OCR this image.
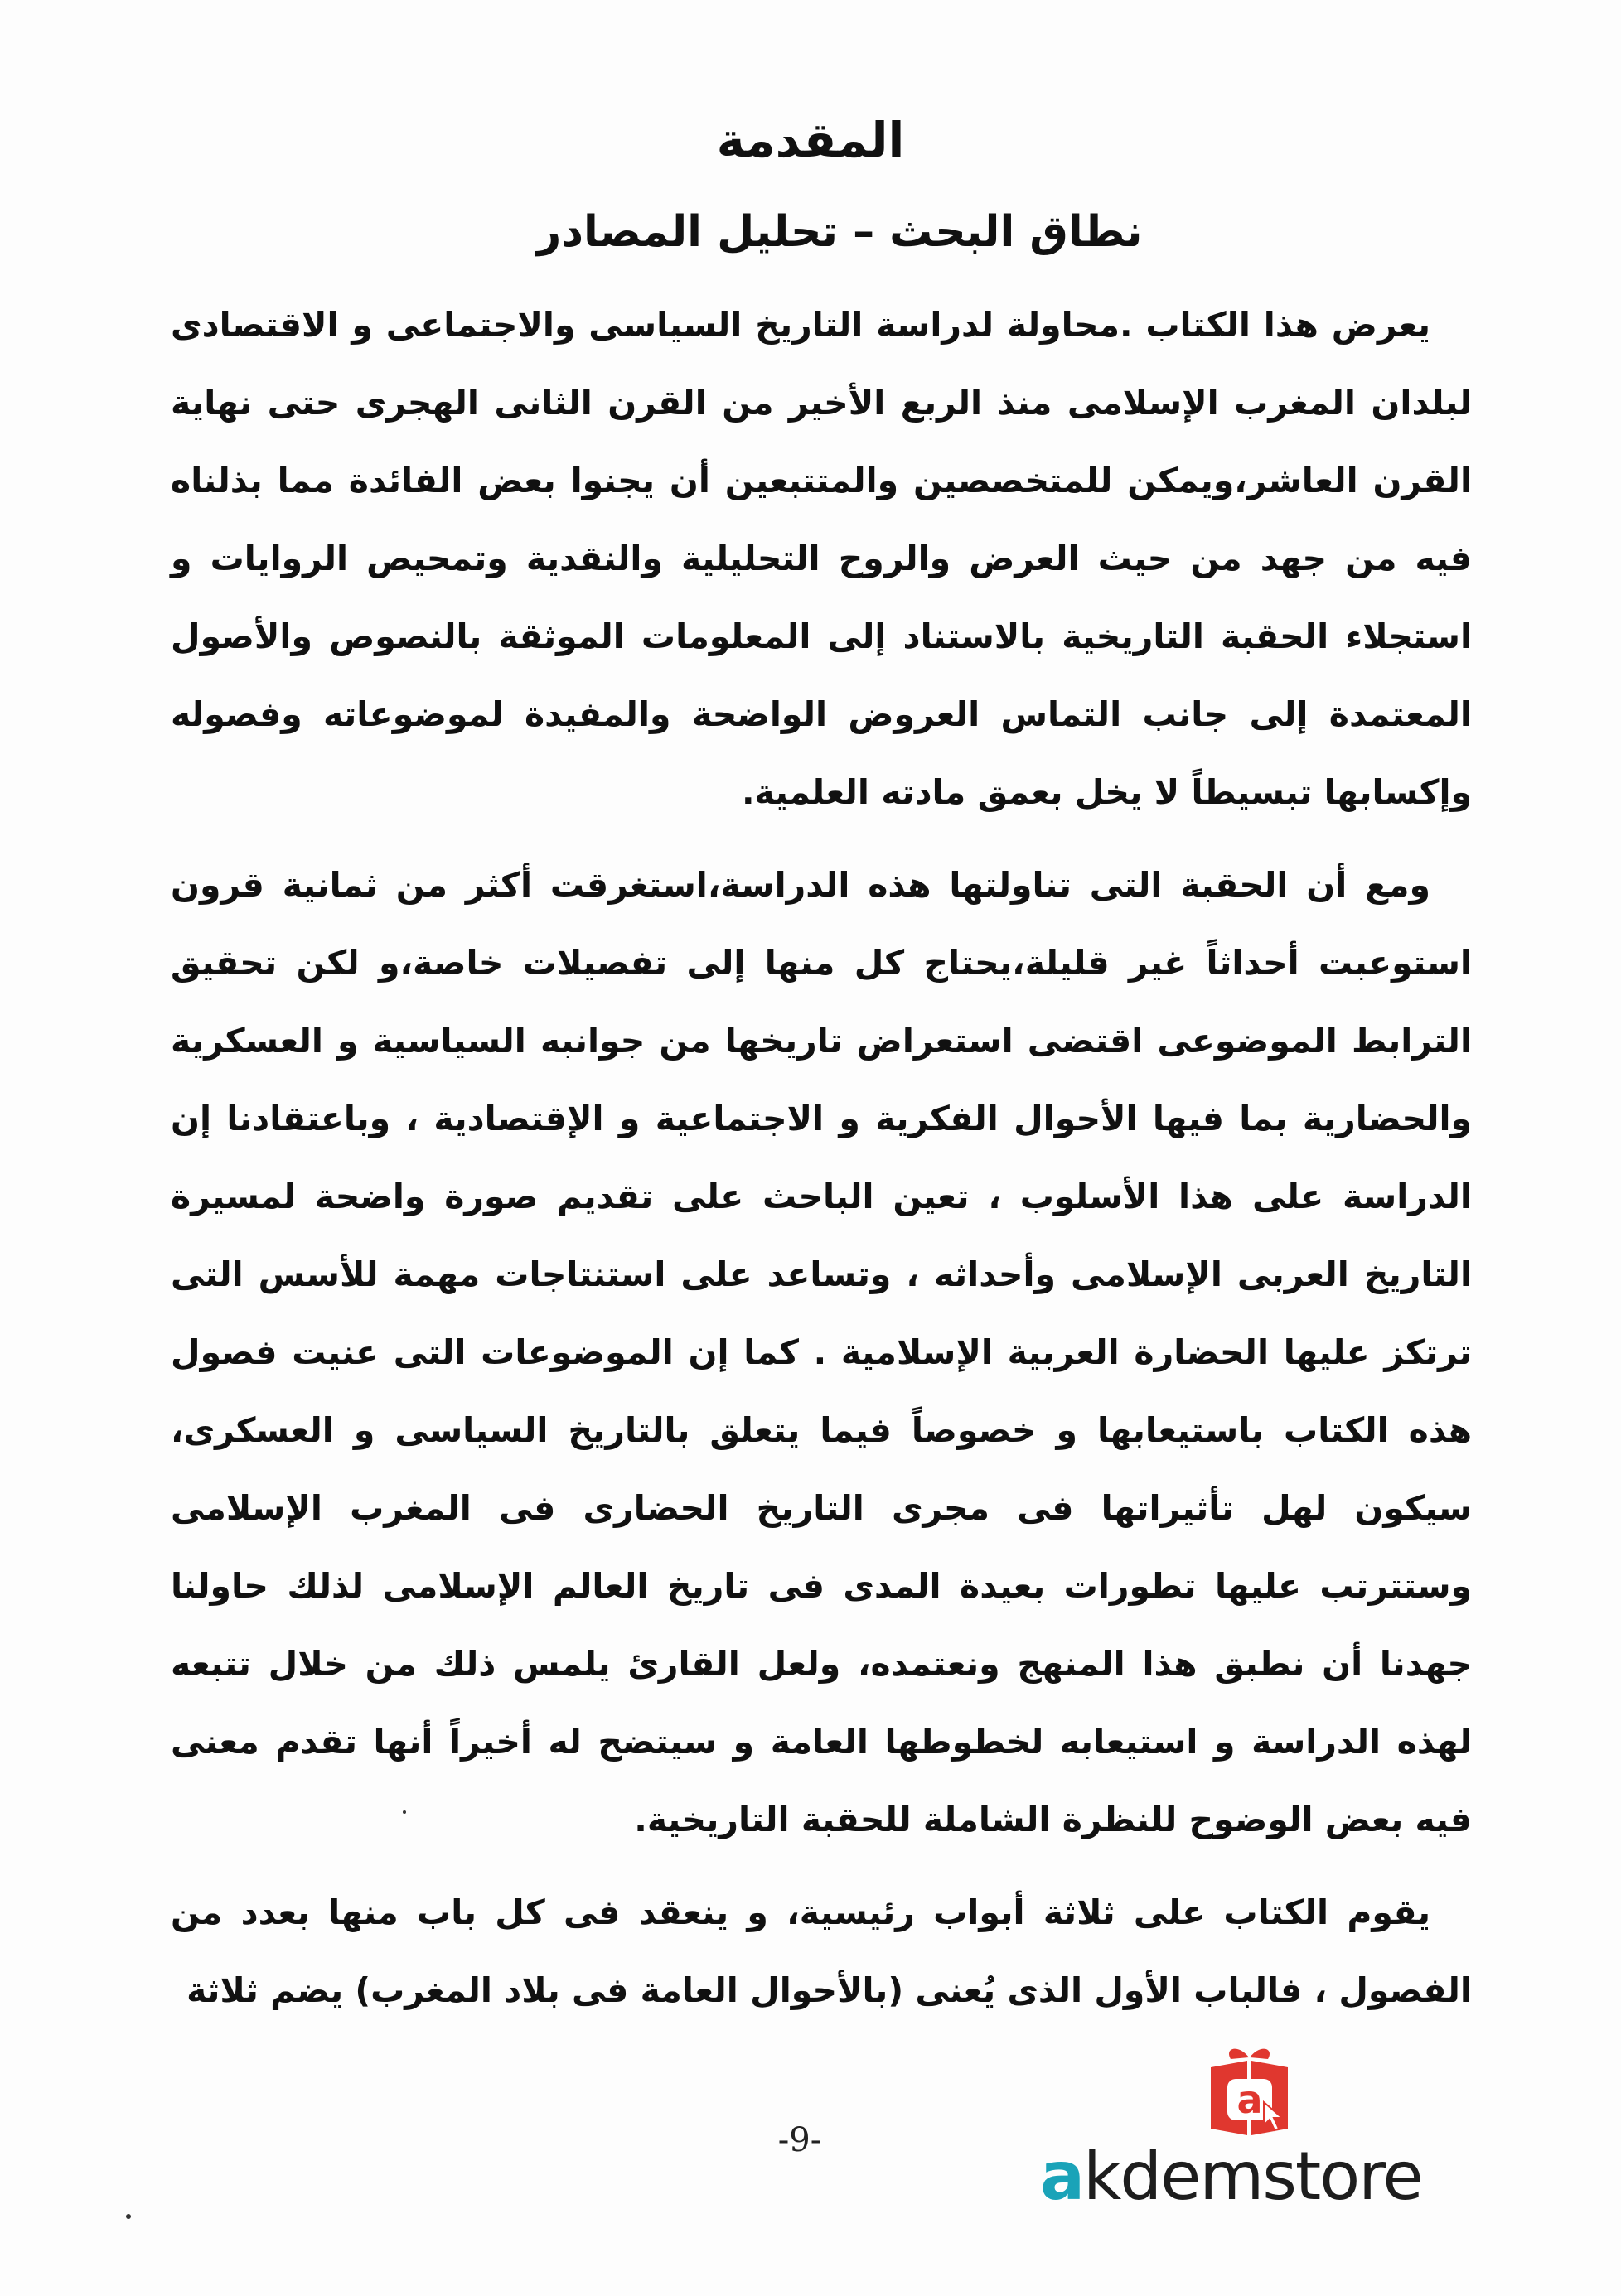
المقدمة
نطاق البحث – تحليل المصادر

يعرض هذا الكتاب .محاولة لدراسة التاريخ السياسى والاجتماعى و الاقتصادى لبلدان المغرب الإسلامى منذ الربع الأخير من القرن الثانى الهجرى حتى نهاية القرن العاشر،ويمكن للمتخصصين والمتتبعين أن يجنوا بعض الفائدة مما بذلناه فيه من جهد من حيث العرض والروح التحليلية والنقدية وتمحيص الروايات و استجلاء الحقبة التاريخية بالاستناد إلى المعلومات الموثقة بالنصوص والأصول المعتمدة إلى جانب التماس العروض الواضحة والمفيدة لموضوعاته وفصوله وإكسابها تبسيطاً لا يخل بعمق مادته العلمية.

ومع أن الحقبة التى تناولتها هذه الدراسة،استغرقت أكثر من ثمانية قرون استوعبت أحداثاً غير قليلة،يحتاج كل منها إلى تفصيلات خاصة،و لكن تحقيق الترابط الموضوعى اقتضى استعراض تاريخها من جوانبه السياسية و العسكرية والحضارية بما فيها الأحوال الفكرية و الاجتماعية و الإقتصادية ، وباعتقادنا إن الدراسة على هذا الأسلوب ، تعين الباحث على تقديم صورة واضحة لمسيرة التاريخ العربى الإسلامى وأحداثه ، وتساعد على استنتاجات مهمة للأسس التى ترتكز عليها الحضارة العربية الإسلامية . كما إن الموضوعات التى عنيت فصول هذه الكتاب باستيعابها و خصوصاً فيما يتعلق بالتاريخ السياسى و العسكرى، سيكون لهل تأثيراتها فى مجرى التاريخ الحضارى فى المغرب الإسلامى وستترتب عليها تطورات بعيدة المدى فى تاريخ العالم الإسلامى لذلك حاولنا جهدنا أن نطبق هذا المنهج ونعتمده، ولعل القارئ يلمس ذلك من خلال تتبعه لهذه الدراسة و استيعابه لخطوطها العامة و سيتضح له أخيراً أنها تقدم معنى فيه بعض الوضوح للنظرة الشاملة للحقبة التاريخية.

يقوم الكتاب على ثلاثة أبواب رئيسية، و ينعقد فى كل باب منها بعدد من الفصول ، فالباب الأول الذى يُعنى (بالأحوال العامة فى بلاد المغرب) يضم ثلاثة

-9-
a
akdemstore
